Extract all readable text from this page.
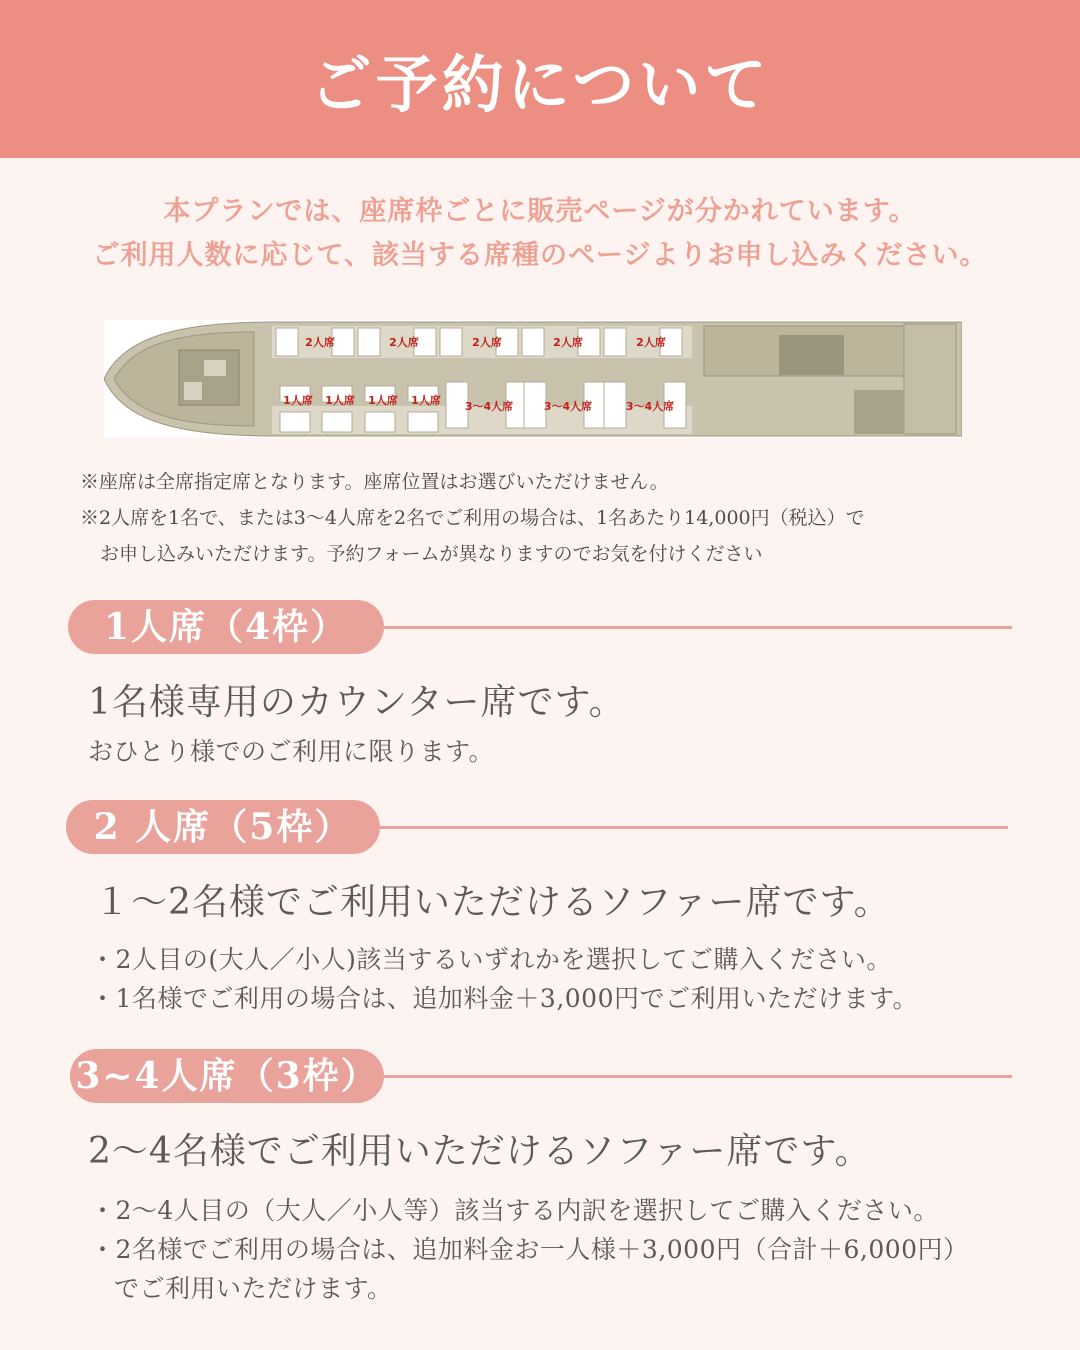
ご予約について
本プランでは、座席枠ごとに販売ページが分かれています。
ご利用人数に応じて、該当する席種のページよりお申し込みください。
2人席	2人席	2人席	2人席	2人席
1人席 1人席 1人席 1人席 3〜4人席	3〜4人席	3〜4人席
※座席は全席指定席となります。座席位置はお選びいただけません。
※2人席を1名で、または3〜4人席を2名でご利用の場合は、1名あたり14,000円（税込）で
お申し込みいただけます。予約フォームが異なりますのでお気を付けください
1人席（4枠）
1名様専用のカウンター席です。
おひとり様でのご利用に限ります。
2 人席（5枠）
１〜2名様でご利用いただけるソファー席です。
・2人目の(大人／小人)該当するいずれかを選択してご購入ください。
・1名様でご利用の場合は、追加料金＋3,000円でご利用いただけます。
3~4人席（3枠）
2〜4名様でご利用いただけるソファー席です。
・2〜4人目の（大人／小人等）該当する内訳を選択してご購入ください。
・2名様でご利用の場合は、追加料金お一人様＋3,000円（合計＋6,000円）
でご利用いただけます。
